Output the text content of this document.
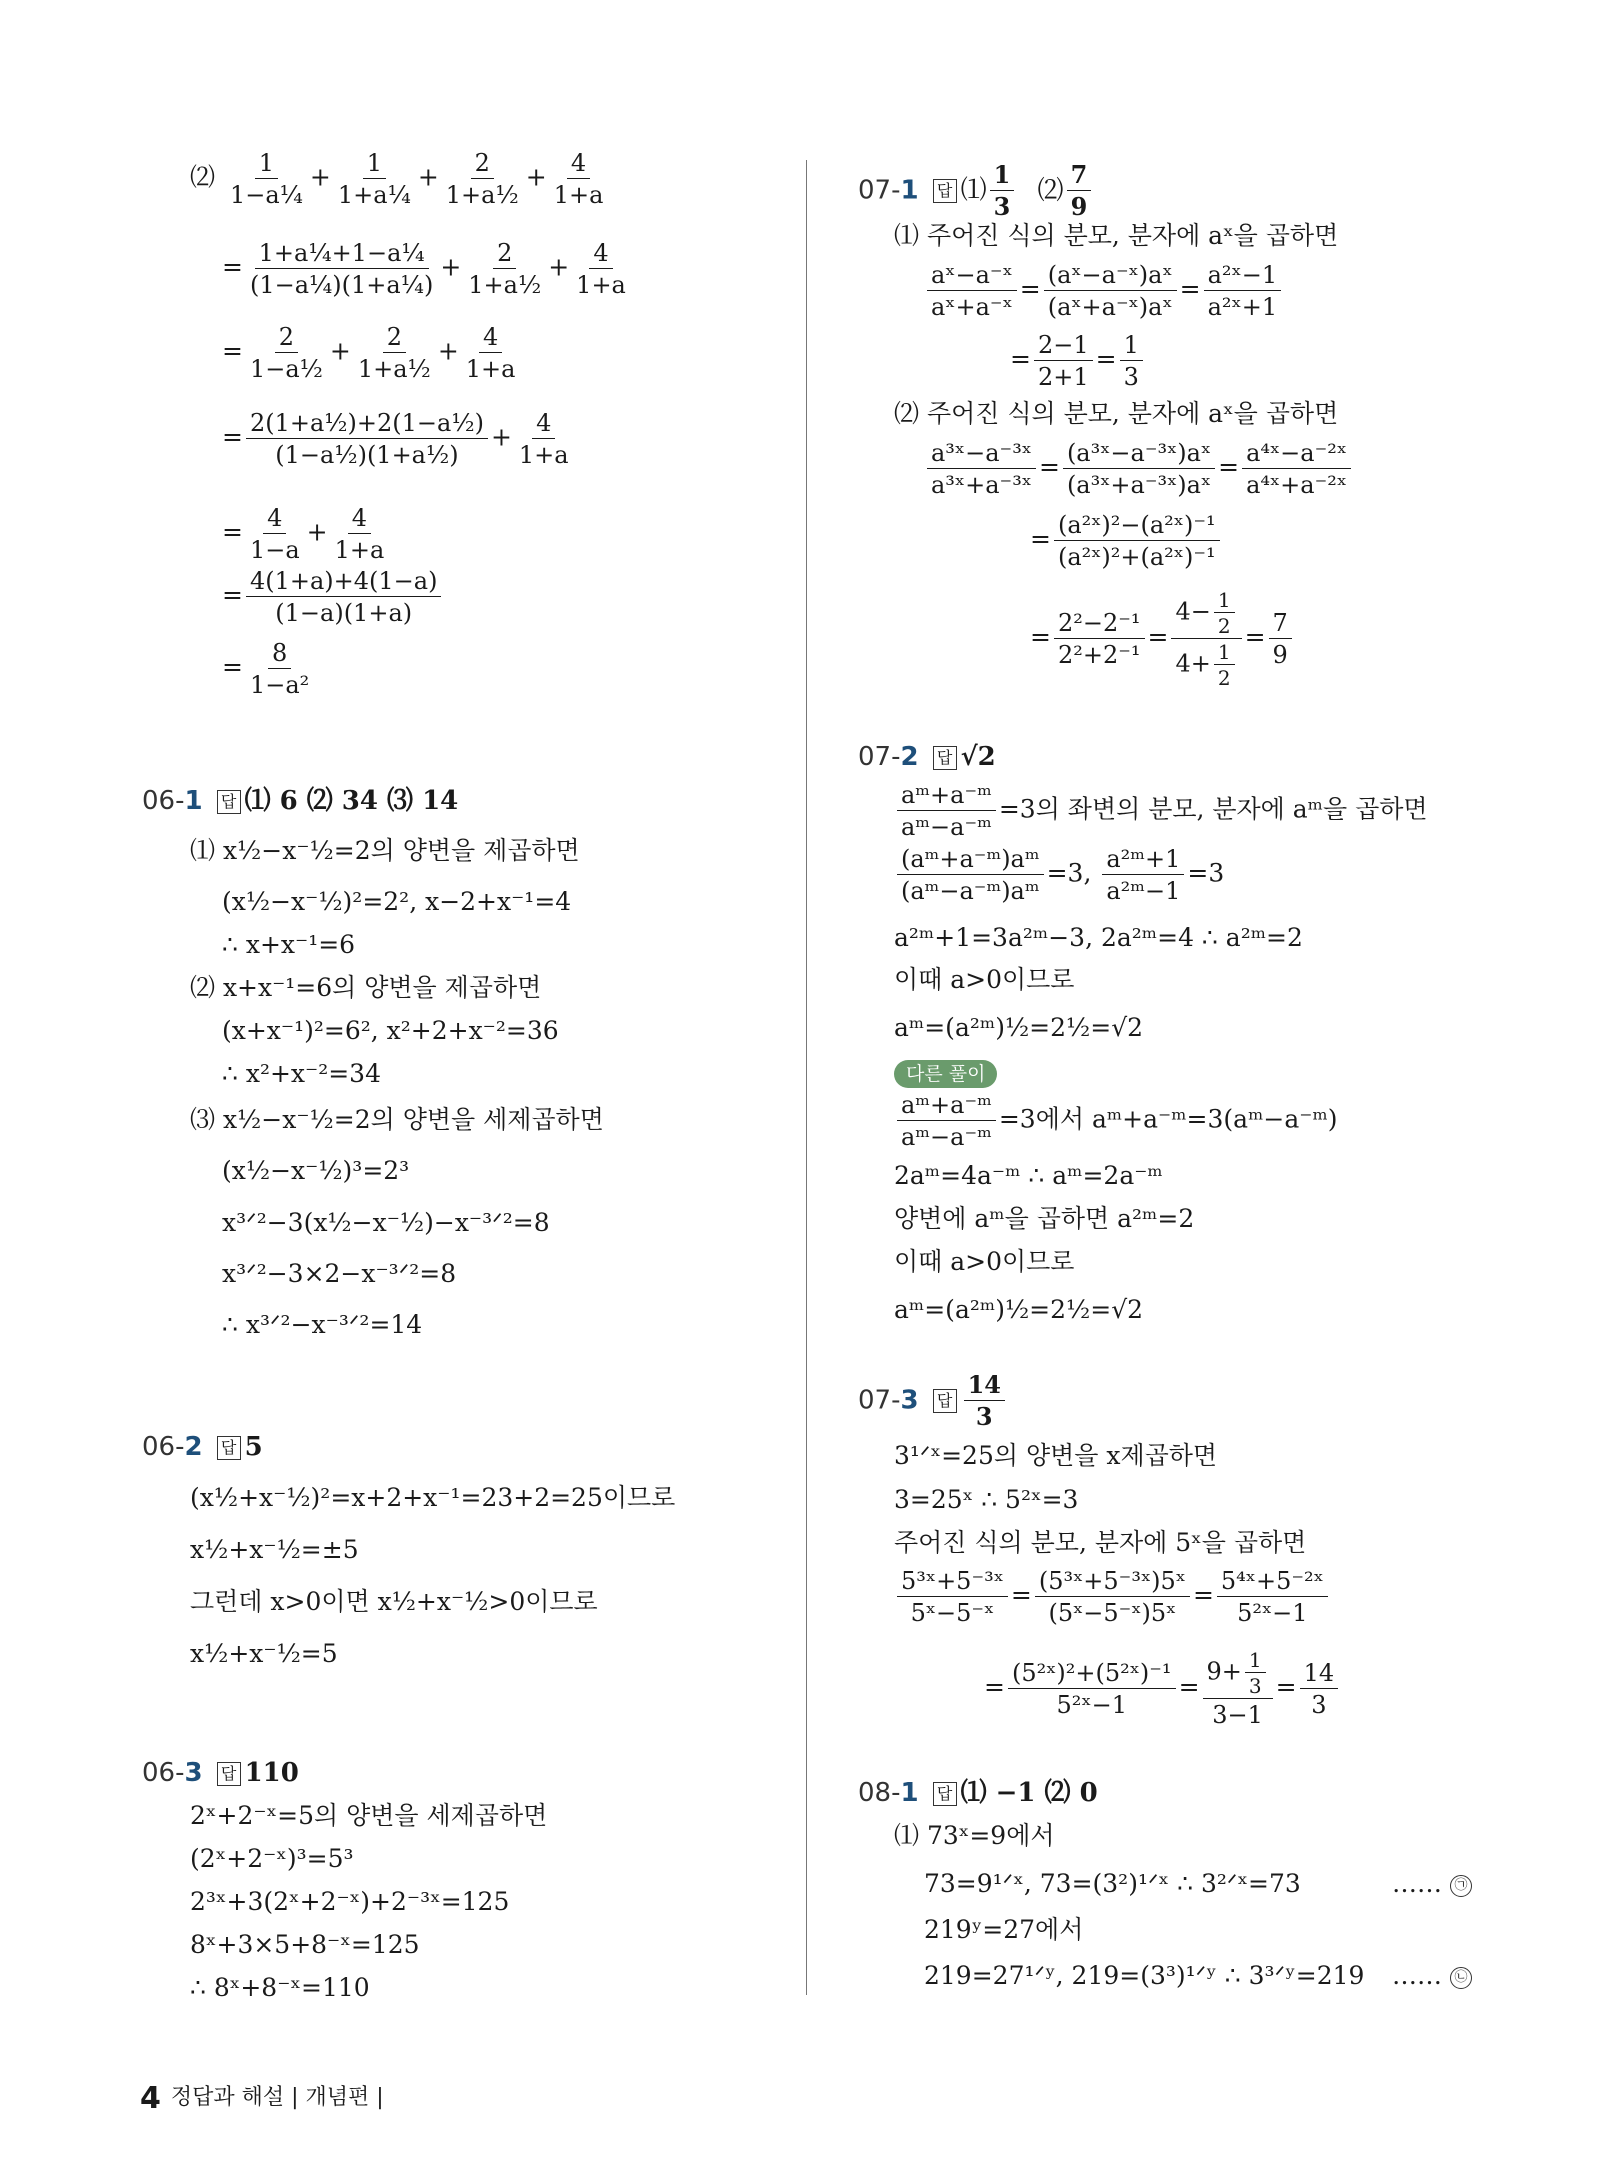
⑵ $\frac{1}{\text{1−a¼}} + \frac{1}{\text{1+a¼}} + \frac{2}{\text{1+a½}} + \frac{4}{1+a}$
= $\frac{\text{1+a¼+1−a¼}}{\text{(1−a¼)(1+a¼)}} + \frac{2}{\text{1+a½}} + \frac{4}{1+a}$
= $\frac{2}{\text{1−a½}} + \frac{2}{\text{1+a½}} + \frac{4}{1+a}$
= $\frac{\text{2(1+a½)+2(1−a½)}}{\text{(1−a½)(1+a½)}} + \frac{4}{1+a}$
= $\frac{4}{1-a} + \frac{4}{1+a}$
= $\frac{4(1+a)+4(1-a)}{(1-a)(1+a)}$
= $\frac{8}{\text{1−a²}}$
06-1 답 ⑴ 6 ⑵ 34 ⑶ 14
⑴ x½−x⁻½=2의 양변을 제곱하면
(x½−x⁻½)²=2², x−2+x⁻¹=4
∴ x+x⁻¹=6
⑵ x+x⁻¹=6의 양변을 제곱하면
(x+x⁻¹)²=6², x²+2+x⁻²=36
∴ x²+x⁻²=34
⑶ x½−x⁻½=2의 양변을 세제곱하면
(x½−x⁻½)³=2³
x³ᐟ²−3(x½−x⁻½)−x⁻³ᐟ²=8
x³ᐟ²−3×2−x⁻³ᐟ²=8
∴ x³ᐟ²−x⁻³ᐟ²=14
06-2 답 5
(x½+x⁻½)²=x+2+x⁻¹=23+2=25이므로
x½+x⁻½=±5
그런데 x>0이면 x½+x⁻½>0이므로
x½+x⁻½=5
06-3 답 110
2ˣ+2⁻ˣ=5의 양변을 세제곱하면
(2ˣ+2⁻ˣ)³=5³
2³ˣ+3(2ˣ+2⁻ˣ)+2⁻³ˣ=125
8ˣ+3×5+8⁻ˣ=125
∴ 8ˣ+8⁻ˣ=110
07-1 답 ⑴ $\frac{1}{3}$ ⑵ $\frac{7}{9}$
⑴ 주어진 식의 분모, 분자에 aˣ을 곱하면
$\frac{\text{aˣ−a⁻ˣ}}{\text{aˣ+a⁻ˣ}} = \frac{\text{(aˣ−a⁻ˣ)aˣ}}{\text{(aˣ+a⁻ˣ)aˣ}} = \frac{\text{a²ˣ−1}}{\text{a²ˣ+1}}$
= $\frac{2-1}{2+1} = \frac{1}{3}$
⑵ 주어진 식의 분모, 분자에 aˣ을 곱하면
$\frac{\text{a³ˣ−a⁻³ˣ}}{\text{a³ˣ+a⁻³ˣ}} = \frac{\text{(a³ˣ−a⁻³ˣ)aˣ}}{\text{(a³ˣ+a⁻³ˣ)aˣ}} = \frac{\text{a⁴ˣ−a⁻²ˣ}}{\text{a⁴ˣ+a⁻²ˣ}}$
= $\frac{\text{(a²ˣ)²−(a²ˣ)⁻¹}}{\text{(a²ˣ)²+(a²ˣ)⁻¹}}$
= $\frac{\text{2²−2⁻¹}}{\text{2²+2⁻¹}} = \frac{4- \frac{1}{2}}{4+ \frac{1}{2}} = \frac{7}{9}$
07-2 답 √2
$\frac{\text{aᵐ+a⁻ᵐ}}{\text{aᵐ−a⁻ᵐ}} =3$의 좌변의 분모, 분자에 aᵐ을 곱하면
$\frac{\text{(aᵐ+a⁻ᵐ)aᵐ}}{\text{(aᵐ−a⁻ᵐ)aᵐ}} =3$, $\frac{\text{a²ᵐ+1}}{\text{a²ᵐ−1}} =3$
a²ᵐ+1=3a²ᵐ−3, 2a²ᵐ=4 ∴ a²ᵐ=2
이때 a>0이므로
aᵐ=(a²ᵐ)½=2½=√2
다른 풀이
$\frac{\text{aᵐ+a⁻ᵐ}}{\text{aᵐ−a⁻ᵐ}} =3$에서 aᵐ+a⁻ᵐ=3(aᵐ−a⁻ᵐ)
2aᵐ=4a⁻ᵐ ∴ aᵐ=2a⁻ᵐ
양변에 aᵐ을 곱하면 a²ᵐ=2
이때 a>0이므로
aᵐ=(a²ᵐ)½=2½=√2
07-3 답 $\frac{14}{3}$
3¹ᐟˣ=25의 양변을 x제곱하면
3=25ˣ ∴ 5²ˣ=3
주어진 식의 분모, 분자에 5ˣ을 곱하면
$\frac{\text{5³ˣ+5⁻³ˣ}}{\text{5ˣ−5⁻ˣ}} = \frac{\text{(5³ˣ+5⁻³ˣ)5ˣ}}{\text{(5ˣ−5⁻ˣ)5ˣ}} = \frac{\text{5⁴ˣ+5⁻²ˣ}}{\text{5²ˣ−1}}$
= $\frac{\text{(5²ˣ)²+(5²ˣ)⁻¹}}{\text{5²ˣ−1}} = \frac{9+ \frac{1}{3}}{3-1} = \frac{14}{3}$
08-1 답 ⑴ −1 ⑵ 0
⑴ 73ˣ=9에서
73=9¹ᐟˣ, 73=(3²)¹ᐟˣ ∴ 3²ᐟˣ=73	…… ㉠
219ʸ=27에서
219=27¹ᐟʸ, 219=(3³)¹ᐟʸ ∴ 3³ᐟʸ=219 …… ㉡
4 정답과 해설 | 개념편 |
